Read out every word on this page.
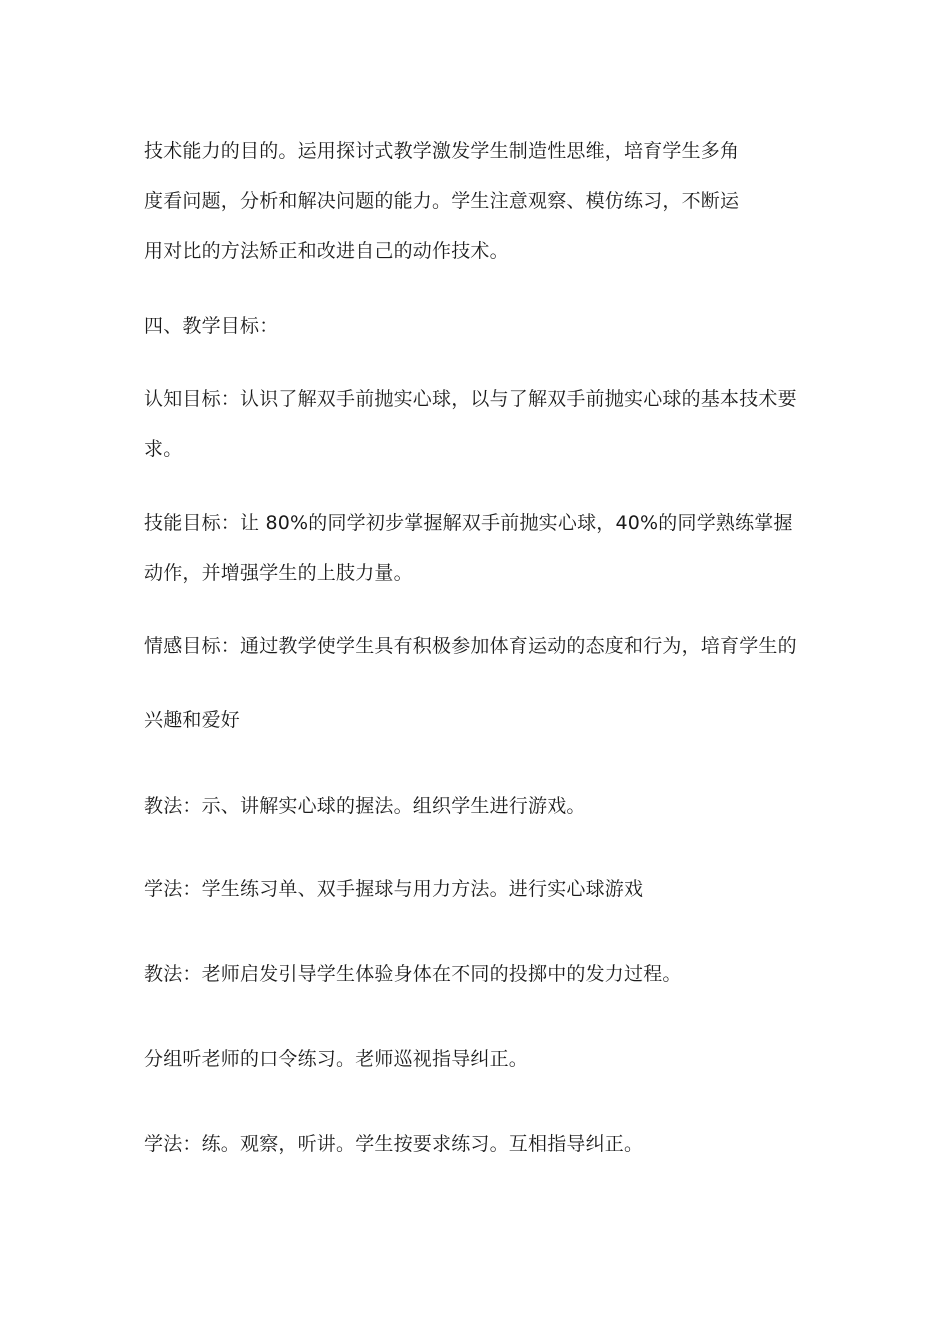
技术能力的目的。运用探讨式教学激发学生制造性思维，培育学生多角
度看问题，分析和解决问题的能力。学生注意观察、模仿练习，不断运
用对比的方法矫正和改进自己的动作技术。
四、教学目标：
认知目标：认识了解双手前抛实心球，以与了解双手前抛实心球的基本技术要
求。
技能目标：让 80%的同学初步掌握解双手前抛实心球，40%的同学熟练掌握
动作，并增强学生的上肢力量。
情感目标：通过教学使学生具有积极参加体育运动的态度和行为，培育学生的
兴趣和爱好
教法：示、讲解实心球的握法。组织学生进行游戏。
学法：学生练习单、双手握球与用力方法。进行实心球游戏
教法：老师启发引导学生体验身体在不同的投掷中的发力过程。
分组听老师的口令练习。老师巡视指导纠正。
学法：练。观察，听讲。学生按要求练习。互相指导纠正。
